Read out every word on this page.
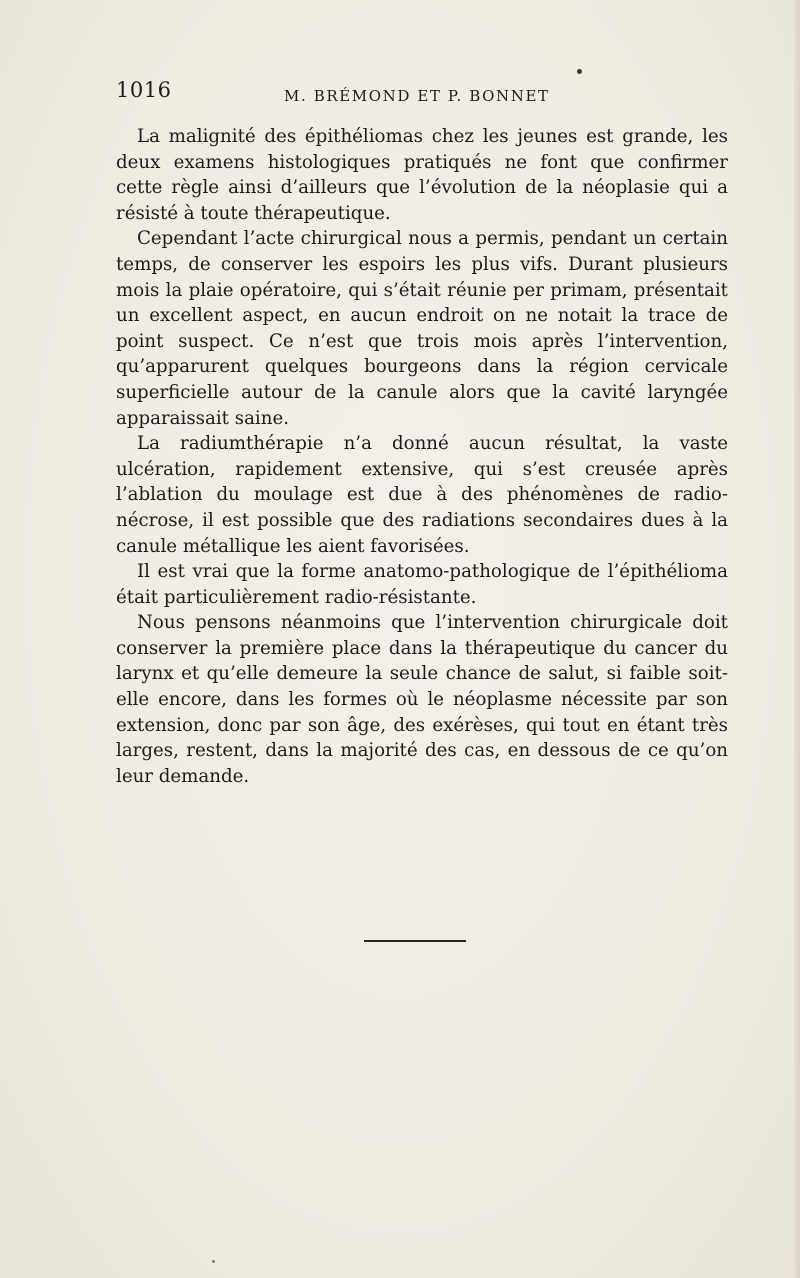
1016	M. BRÉMOND ET P. BONNET

La malignité des épithéliomas chez les jeunes est grande, les deux examens histologiques pratiqués ne font que confirmer cette règle ainsi d’ailleurs que l’évolution de la néoplasie qui a résisté à toute thérapeutique.

Cependant l’acte chirurgical nous a permis, pendant un certain temps, de conserver les espoirs les plus vifs. Durant plusieurs mois la plaie opératoire, qui s’était réunie per primam, présentait un excellent aspect, en aucun endroit on ne notait la trace de point suspect. Ce n’est que trois mois après l’intervention, qu’apparurent quelques bourgeons dans la région cervicale superficielle autour de la canule alors que la cavité laryngée apparaissait saine.

La radiumthérapie n’a donné aucun résultat, la vaste ulcération, rapidement extensive, qui s’est creusée après l’ablation du moulage est due à des phénomènes de radio-nécrose, il est possible que des radiations secondaires dues à la canule métallique les aient favorisées.

Il est vrai que la forme anatomo-pathologique de l’épithélioma était particulièrement radio-résistante.

Nous pensons néanmoins que l’intervention chirurgicale doit conserver la première place dans la thérapeutique du cancer du larynx et qu’elle demeure la seule chance de salut, si faible soit-elle encore, dans les formes où le néoplasme nécessite par son extension, donc par son âge, des exérèses, qui tout en étant très larges, restent, dans la majorité des cas, en dessous de ce qu’on leur demande.
